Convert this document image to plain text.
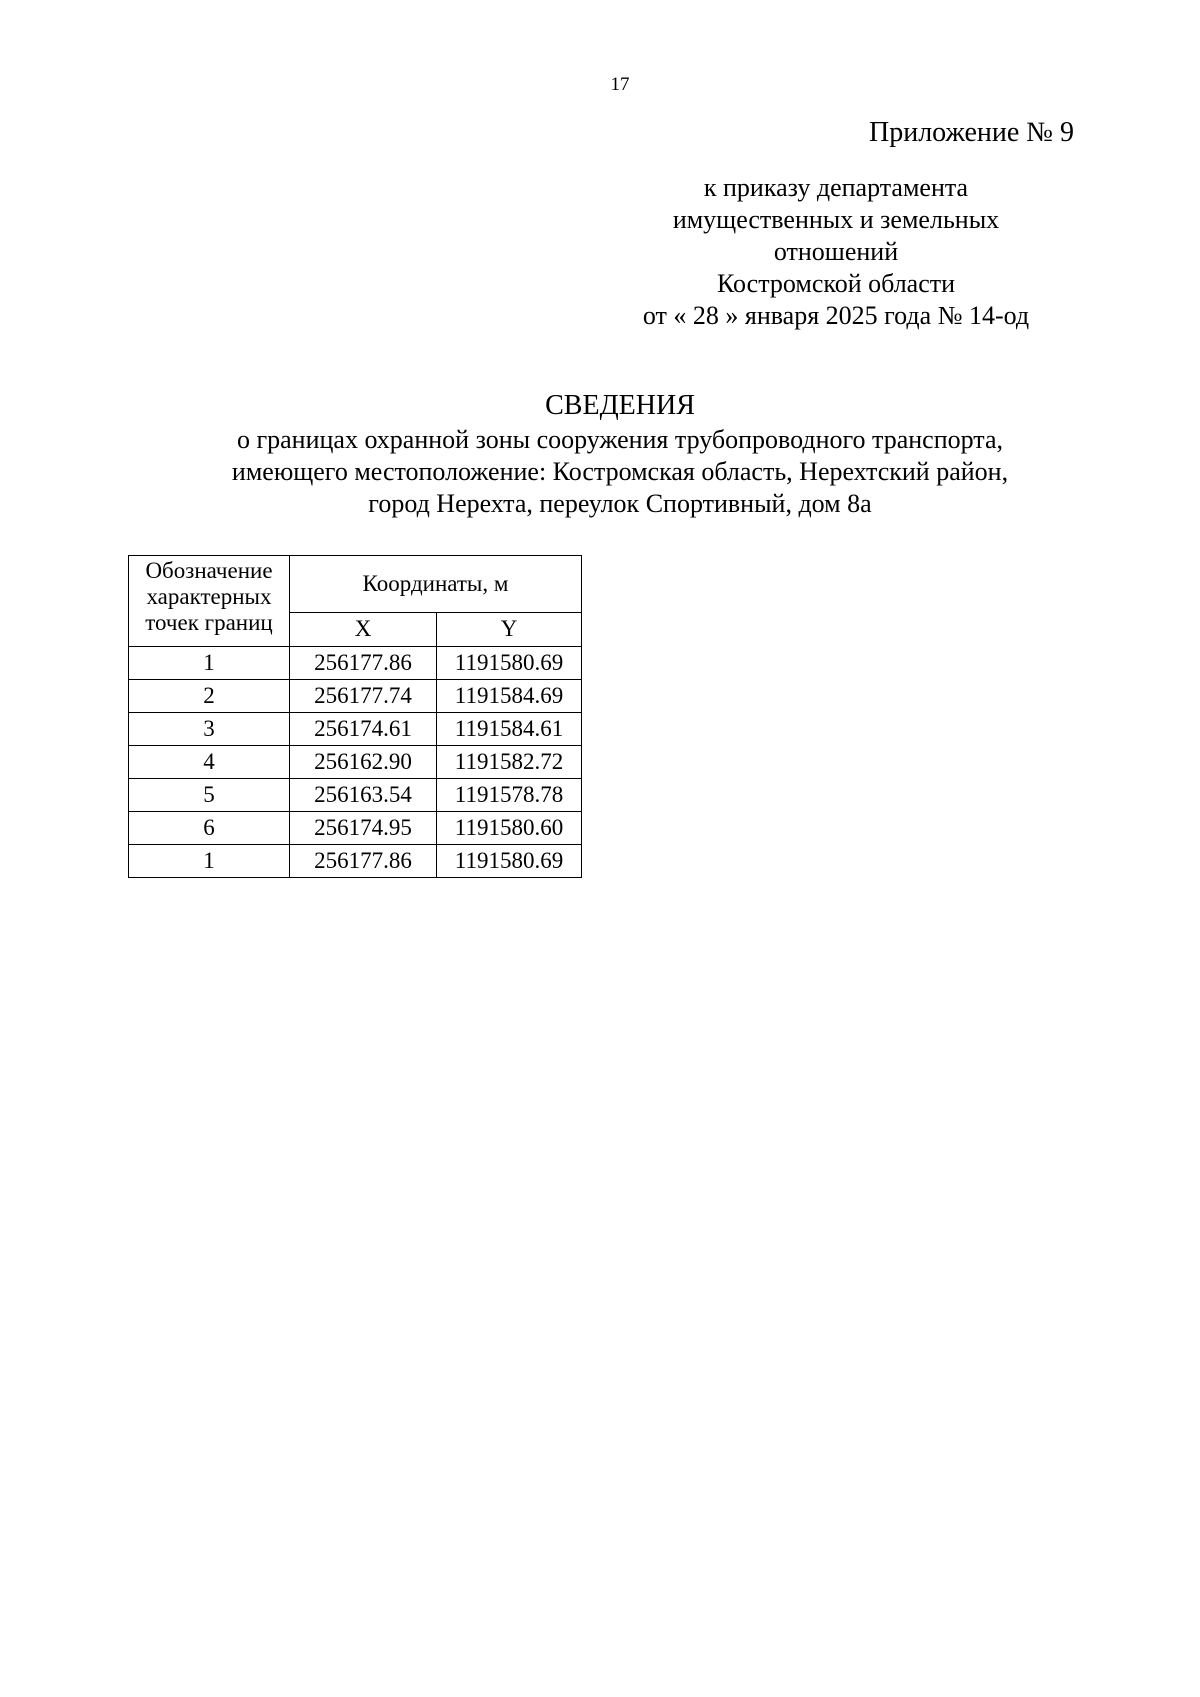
17
Приложение № 9
к приказу департамента
имущественных и земельных
отношений
Костромской области
от « 28 » января 2025 года № 14-од
СВЕДЕНИЯ
о границах охранной зоны сооружения трубопроводного транспорта,
имеющего местоположение: Костромская область, Нерехтский район,
город Нерехта, переулок Спортивный, дом 8а
Обозначение
характерных
точек границ	Координаты, м	
	X	Y
1	256177.86	1191580.69
2	256177.74	1191584.69
3	256174.61	1191584.61
4	256162.90	1191582.72
5	256163.54	1191578.78
6	256174.95	1191580.60
1	256177.86	1191580.69
